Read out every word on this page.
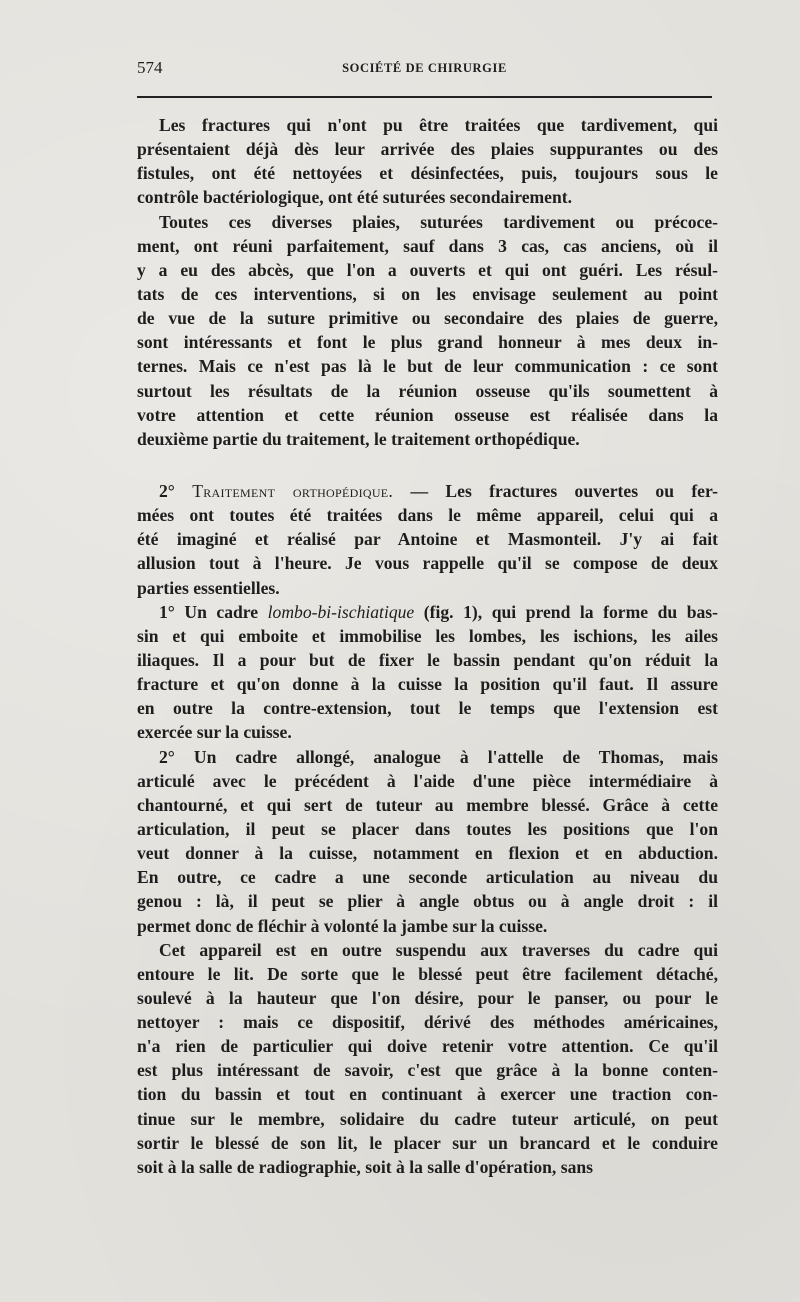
574	SOCIÉTÉ DE CHIRURGIE
Les fractures qui n'ont pu être traitées que tardivement, qui
présentaient déjà dès leur arrivée des plaies suppurantes ou des
fistules, ont été nettoyées et désinfectées, puis, toujours sous le
contrôle bactériologique, ont été suturées secondairement.
Toutes ces diverses plaies, suturées tardivement ou précoce-
ment, ont réuni parfaitement, sauf dans 3 cas, cas anciens, où il
y a eu des abcès, que l'on a ouverts et qui ont guéri. Les résul-
tats de ces interventions, si on les envisage seulement au point
de vue de la suture primitive ou secondaire des plaies de guerre,
sont intéressants et font le plus grand honneur à mes deux in-
ternes. Mais ce n'est pas là le but de leur communication : ce sont
surtout les résultats de la réunion osseuse qu'ils soumettent à
votre attention et cette réunion osseuse est réalisée dans la
deuxième partie du traitement, le traitement orthopédique.
2° Traitement orthopédique. — Les fractures ouvertes ou fer-
mées ont toutes été traitées dans le même appareil, celui qui a
été imaginé et réalisé par Antoine et Masmonteil. J'y ai fait
allusion tout à l'heure. Je vous rappelle qu'il se compose de deux
parties essentielles.
1° Un cadre lombo-bi-ischiatique (fig. 1), qui prend la forme du bas-
sin et qui emboite et immobilise les lombes, les ischions, les ailes
iliaques. Il a pour but de fixer le bassin pendant qu'on réduit la
fracture et qu'on donne à la cuisse la position qu'il faut. Il assure
en outre la contre-extension, tout le temps que l'extension est
exercée sur la cuisse.
2° Un cadre allongé, analogue à l'attelle de Thomas, mais
articulé avec le précédent à l'aide d'une pièce intermédiaire à
chantourné, et qui sert de tuteur au membre blessé. Grâce à cette
articulation, il peut se placer dans toutes les positions que l'on
veut donner à la cuisse, notamment en flexion et en abduction.
En outre, ce cadre a une seconde articulation au niveau du
genou : là, il peut se plier à angle obtus ou à angle droit : il
permet donc de fléchir à volonté la jambe sur la cuisse.
Cet appareil est en outre suspendu aux traverses du cadre qui
entoure le lit. De sorte que le blessé peut être facilement détaché,
soulevé à la hauteur que l'on désire, pour le panser, ou pour le
nettoyer : mais ce dispositif, dérivé des méthodes américaines,
n'a rien de particulier qui doive retenir votre attention. Ce qu'il
est plus intéressant de savoir, c'est que grâce à la bonne conten-
tion du bassin et tout en continuant à exercer une traction con-
tinue sur le membre, solidaire du cadre tuteur articulé, on peut
sortir le blessé de son lit, le placer sur un brancard et le conduire
soit à la salle de radiographie, soit à la salle d'opération, sans
